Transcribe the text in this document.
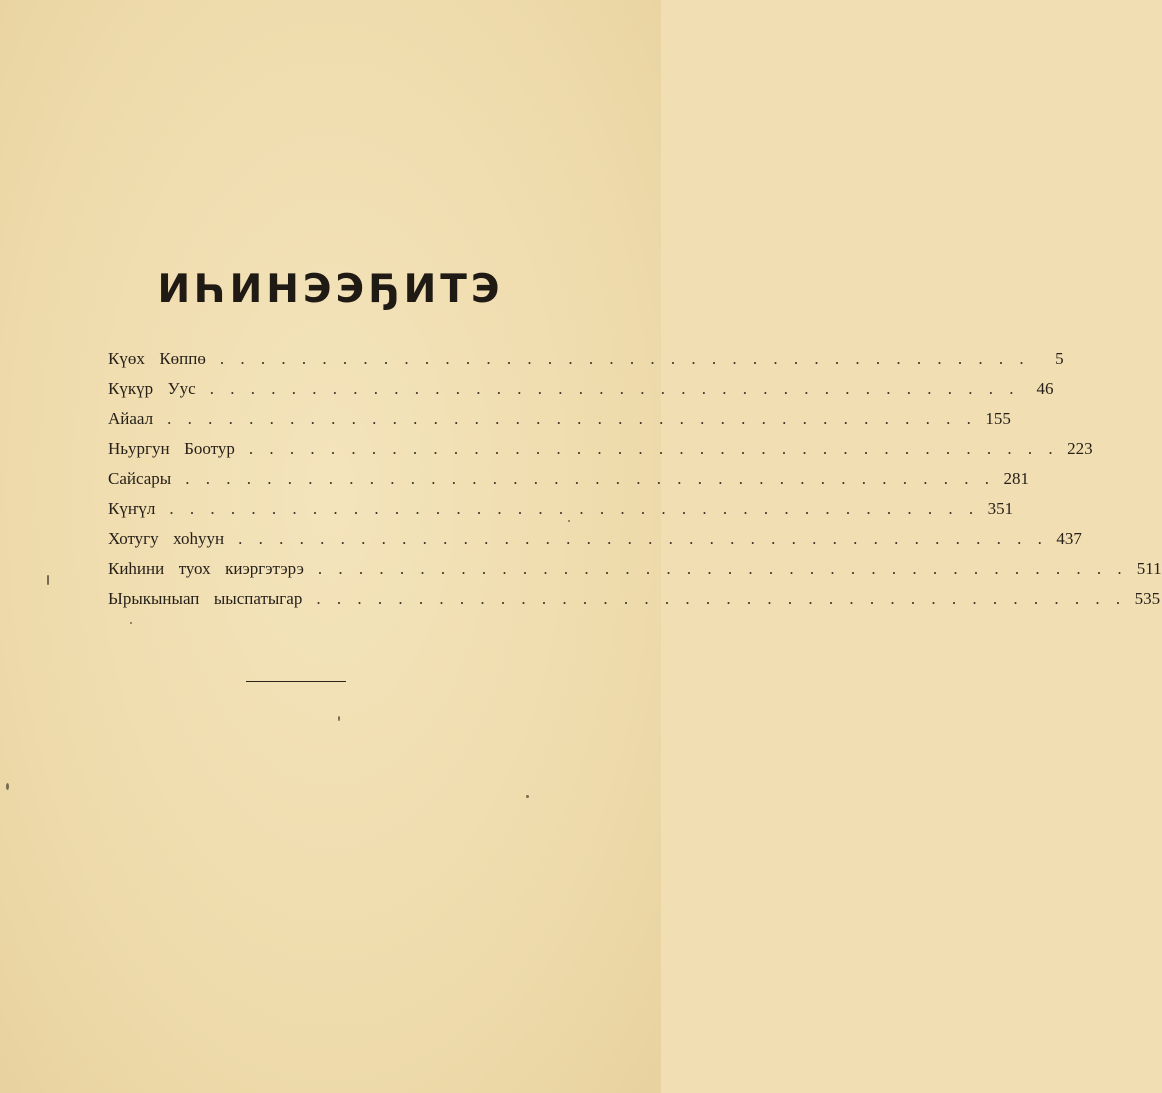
ИҺИНЭЭҔИТЭ
Күөх  Көппө . . . . . . . . . . . . . . . . . . . . . . . . . . . . . . . . . . . . . . . .	5
Күкүр  Уус . . . . . . . . . . . . . . . . . . . . . . . . . . . . . . . . . . . . . . . .	46
Айаал . . . . . . . . . . . . . . . . . . . . . . . . . . . . . . . . . . . . . . . . 155
Ньургун  Боотур . . . . . . . . . . . . . . . . . . . . . . . . . . . . . . . . . . . . . . . . 223
Сайсары . . . . . . . . . . . . . . . . . . . . . . . . . . . . . . . . . . . . . . . . 281
Күҥүл . . . . . . . . . . . . . . . . . . . . . . . . . . . . . . . . . . . . . . . . 351
Хотугу  хоһуун . . . . . . . . . . . . . . . . . . . . . . . . . . . . . . . . . . . . . . . . 437
Киһини  туох  киэргэтэрэ . . . . . . . . . . . . . . . . . . . . . . . . . . . . . . . . . . . . . . . . 511
Ырыкыныап  ыыспатыгар . . . . . . . . . . . . . . . . . . . . . . . . . . . . . . . . . . . . . . . . 535
